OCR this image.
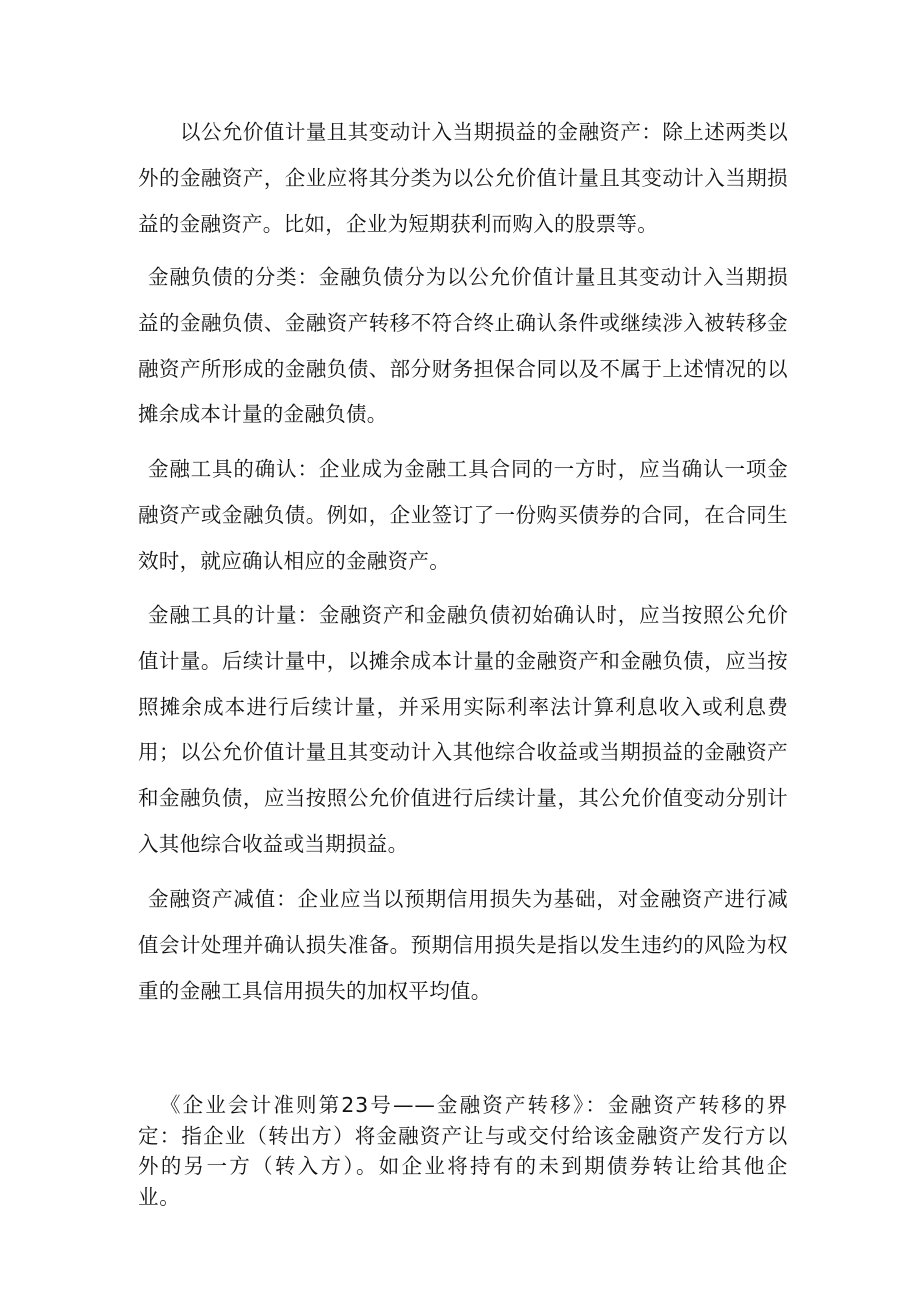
以公允价值计量且其变动计入当期损益的金融资产：除上述两类以外的金融资产，企业应将其分类为以公允价值计量且其变动计入当期损益的金融资产。比如，企业为短期获利而购入的股票等。

金融负债的分类：金融负债分为以公允价值计量且其变动计入当期损益的金融负债、金融资产转移不符合终止确认条件或继续涉入被转移金融资产所形成的金融负债、部分财务担保合同以及不属于上述情况的以摊余成本计量的金融负债。

金融工具的确认：企业成为金融工具合同的一方时，应当确认一项金融资产或金融负债。例如，企业签订了一份购买债券的合同，在合同生效时，就应确认相应的金融资产。

金融工具的计量：金融资产和金融负债初始确认时，应当按照公允价值计量。后续计量中，以摊余成本计量的金融资产和金融负债，应当按照摊余成本进行后续计量，并采用实际利率法计算利息收入或利息费用；以公允价值计量且其变动计入其他综合收益或当期损益的金融资产和金融负债，应当按照公允价值进行后续计量，其公允价值变动分别计入其他综合收益或当期损益。

金融资产减值：企业应当以预期信用损失为基础，对金融资产进行减值会计处理并确认损失准备。预期信用损失是指以发生违约的风险为权重的金融工具信用损失的加权平均值。

《企业会计准则第23号——金融资产转移》：金融资产转移的界定：指企业（转出方）将金融资产让与或交付给该金融资产发行方以外的另一方（转入方）。如企业将持有的未到期债券转让给其他企业。
